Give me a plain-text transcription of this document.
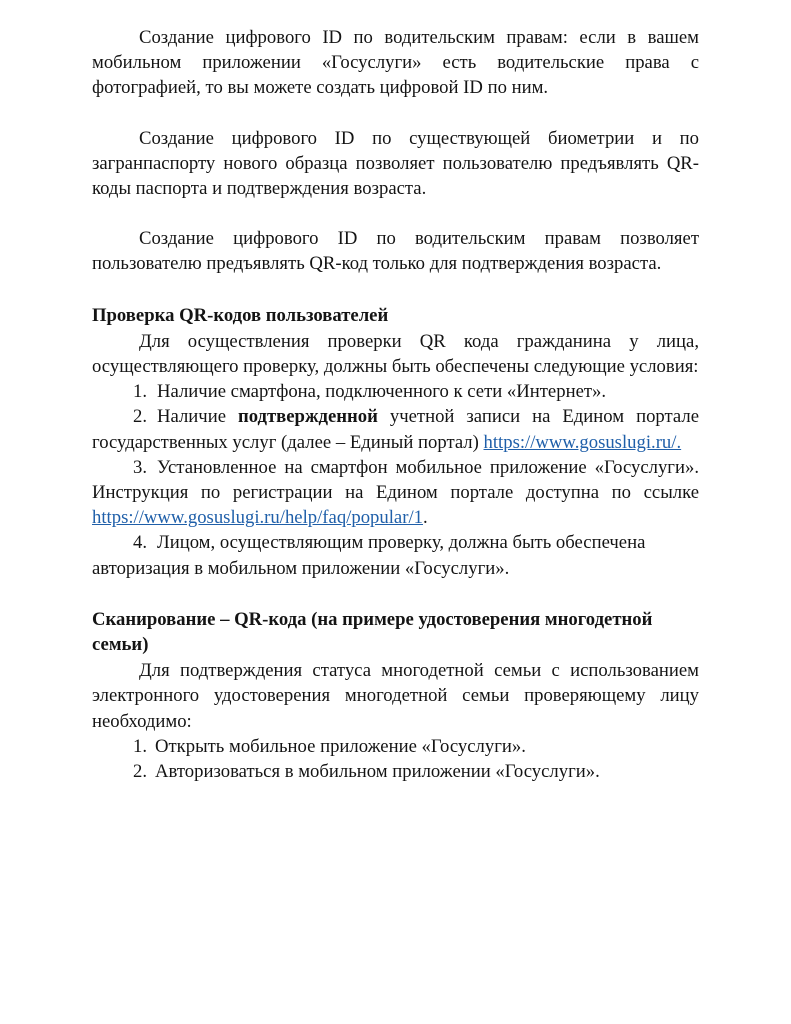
Создание цифрового ID по водительским правам: если в вашем мобильном приложении «Госуслуги» есть водительские права с фотографией, то вы можете создать цифровой ID по ним.

Создание цифрового ID по существующей биометрии и по загранпаспорту нового образца позволяет пользователю предъявлять QR-коды паспорта и подтверждения возраста.

Создание цифрового ID по водительским правам позволяет пользователю предъявлять QR-код только для подтверждения возраста.

Проверка QR-кодов пользователей

Для осуществления проверки QR кода гражданина у лица, осуществляющего проверку, должны быть обеспечены следующие условия:

1. Наличие смартфона, подключенного к сети «Интернет».
2. Наличие подтвержденной учетной записи на Едином портале государственных услуг (далее – Единый портал) https://www.gosuslugi.ru/.
3. Установленное на смартфон мобильное приложение «Госуслуги». Инструкция по регистрации на Едином портале доступна по ссылке https://www.gosuslugi.ru/help/faq/popular/1.
4. Лицом, осуществляющим проверку, должна быть обеспечена авторизация в мобильном приложении «Госуслуги».
Сканирование – QR-кода (на примере удостоверения многодетной семьи)

Для подтверждения статуса многодетной семьи с использованием электронного удостоверения многодетной семьи проверяющему лицу необходимо:

1. Открыть мобильное приложение «Госуслуги».
2. Авторизоваться в мобильном приложении «Госуслуги».
